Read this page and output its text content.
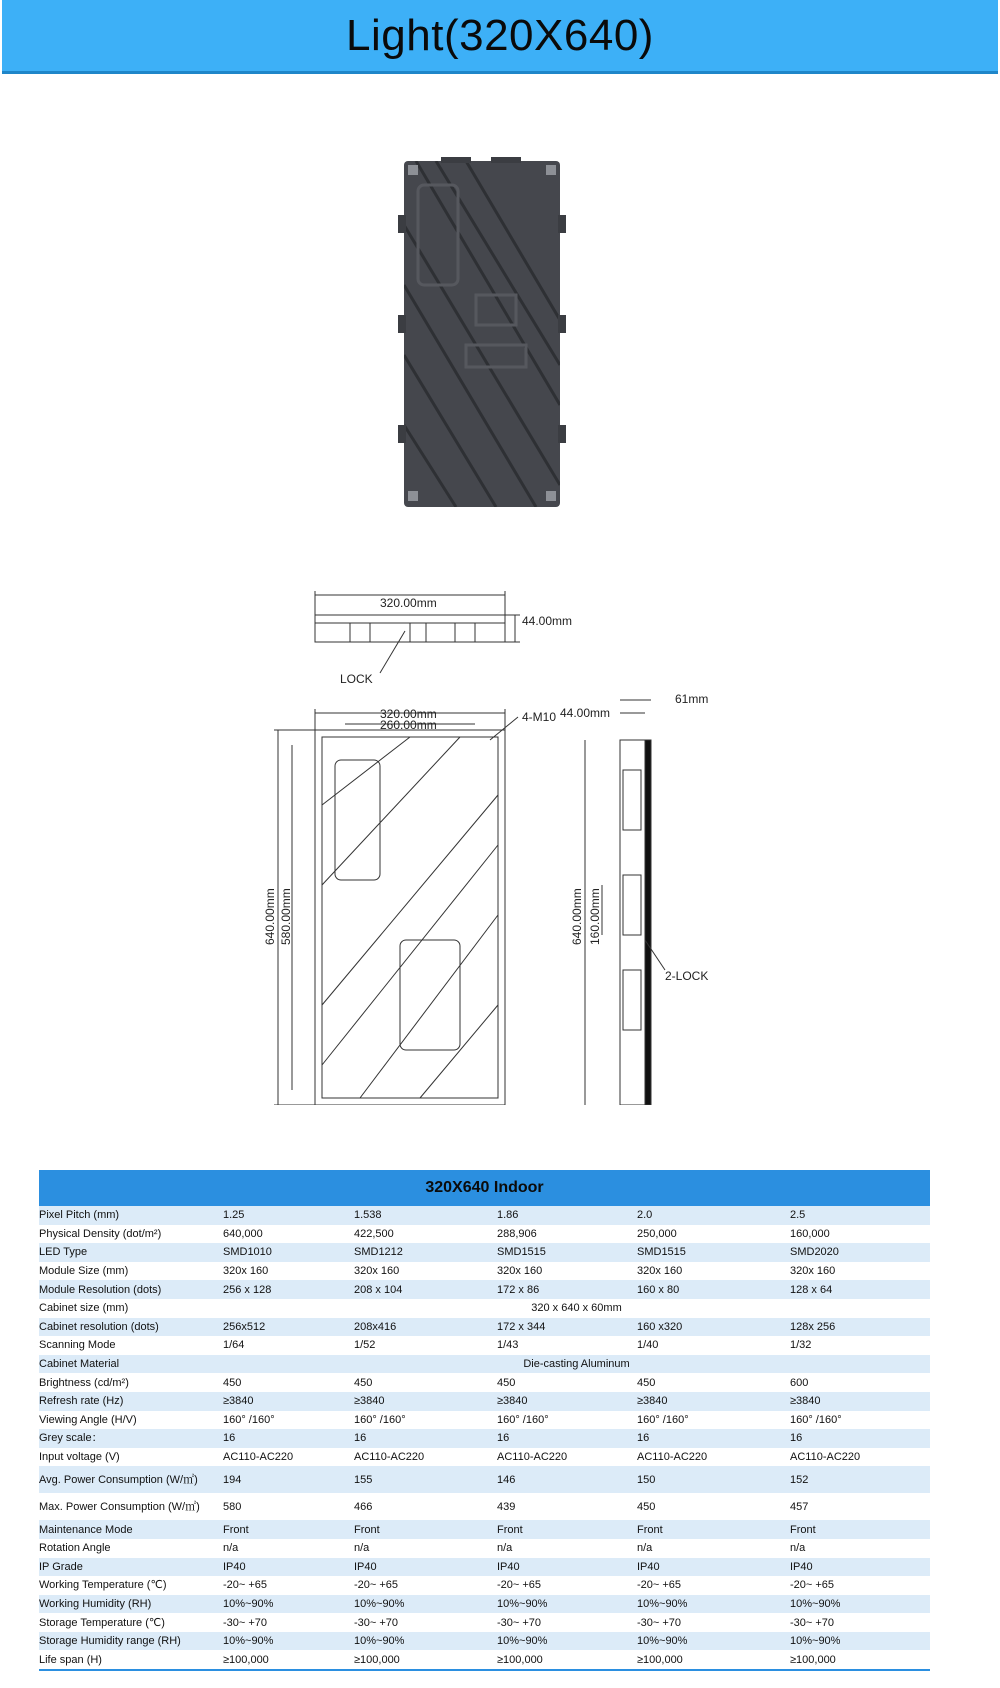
Light(320X640)
320.00mm
44.00mm
LOCK
320.00mm
260.00mm
4-M10
640.00mm 580.00mm
44.00mm
61mm
640.00mm 160.00mm
2-LOCK
320X640 Indoor
Pixel Pitch (mm)	1.25	1.538	1.86	2.0	2.5
Physical Density (dot/m²)	640,000	422,500	288,906	250,000	160,000
LED Type	SMD1010	SMD1212	SMD1515	SMD1515	SMD2020
Module Size (mm)	320x 160	320x 160	320x 160	320x 160	320x 160
Module Resolution (dots)	256 x 128	208 x 104	172 x 86	160 x 80	128 x 64
Cabinet size (mm)	320 x 640 x 60mm				
Cabinet resolution (dots)	256x512	208x416	172 x 344	160 x320	128x 256
Scanning Mode	1/64	1/52	1/43	1/40	1/32
Cabinet Material	Die-casting Aluminum				
Brightness (cd/m²)	450	450	450	450	600
Refresh rate (Hz)	≥3840	≥3840	≥3840	≥3840	≥3840
Viewing Angle (H/V)	160° /160°	160° /160°	160° /160°	160° /160°	160° /160°
Grey scale：	16	16	16	16	16
Input voltage (V)	AC110-AC220	AC110-AC220	AC110-AC220	AC110-AC220	AC110-AC220
Avg. Power Consumption (W/㎡)	194	155	146	150	152
Max. Power Consumption (W/㎡)	580	466	439	450	457
Maintenance Mode	Front	Front	Front	Front	Front
Rotation Angle	n/a	n/a	n/a	n/a	n/a
IP Grade	IP40	IP40	IP40	IP40	IP40
Working Temperature (℃)	-20~ +65	-20~ +65	-20~ +65	-20~ +65	-20~ +65
Working Humidity (RH)	10%~90%	10%~90%	10%~90%	10%~90%	10%~90%
Storage Temperature (℃)	-30~ +70	-30~ +70	-30~ +70	-30~ +70	-30~ +70
Storage Humidity range (RH)	10%~90%	10%~90%	10%~90%	10%~90%	10%~90%
Life span (H)	≥100,000	≥100,000	≥100,000	≥100,000	≥100,000
